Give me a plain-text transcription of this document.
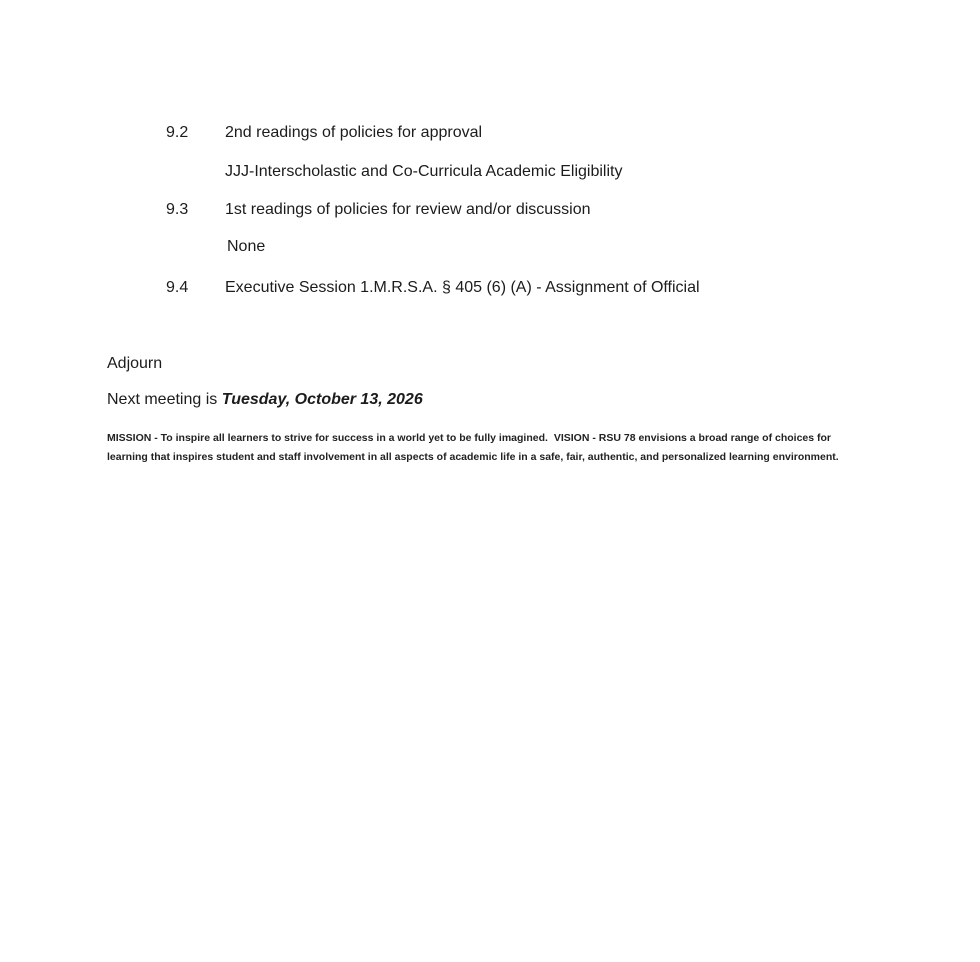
9.2 2nd readings of policies for approval
JJJ-Interscholastic and Co-Curricula Academic Eligibility
9.3 1st readings of policies for review and/or discussion
None
9.4 Executive Session 1.M.R.S.A. § 405 (6) (A) - Assignment of Official
Adjourn
Next meeting is Tuesday, October 13, 2026
MISSION - To inspire all learners to strive for success in a world yet to be fully imagined. VISION - RSU 78 envisions a broad range of choices for learning that inspires student and staff involvement in all aspects of academic life in a safe, fair, authentic, and personalized learning environment.
